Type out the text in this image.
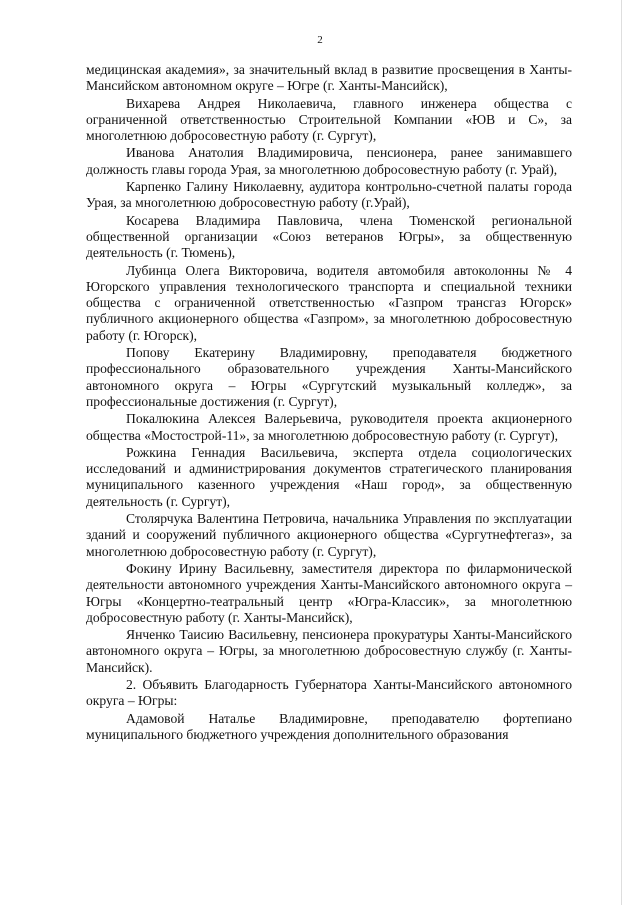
2

медицинская академия», за значительный вклад в развитие просвещения в Ханты-Мансийском автономном округе – Югре (г. Ханты-Мансийск),

Вихарева Андрея Николаевича, главного инженера общества с ограниченной ответственностью Строительной Компании «ЮВ и С», за многолетнюю добросовестную работу (г. Сургут),

Иванова Анатолия Владимировича, пенсионера, ранее занимавшего должность главы города Урая, за многолетнюю добросовестную работу (г. Урай),

Карпенко Галину Николаевну, аудитора контрольно-счетной палаты города Урая, за многолетнюю добросовестную работу (г.Урай),

Косарева Владимира Павловича, члена Тюменской региональной общественной организации «Союз ветеранов Югры», за общественную деятельность (г. Тюмень),

Лубинца Олега Викторовича, водителя автомобиля автоколонны № 4 Югорского управления технологического транспорта и специальной техники общества с ограниченной ответственностью «Газпром трансгаз Югорск» публичного акционерного общества «Газпром», за многолетнюю добросовестную работу (г. Югорск),

Попову Екатерину Владимировну, преподавателя бюджетного профессионального образовательного учреждения Ханты-Мансийского автономного округа – Югры «Сургутский музыкальный колледж», за профессиональные достижения (г. Сургут),

Покалюкина Алексея Валерьевича, руководителя проекта акционерного общества «Мостострой-11», за многолетнюю добросовестную работу (г. Сургут),

Рожкина Геннадия Васильевича, эксперта отдела социологических исследований и администрирования документов стратегического планирования муниципального казенного учреждения «Наш город», за общественную деятельность (г. Сургут),

Столярчука Валентина Петровича, начальника Управления по эксплуатации зданий и сооружений публичного акционерного общества «Сургутнефтегаз», за многолетнюю добросовестную работу (г. Сургут),

Фокину Ирину Васильевну, заместителя директора по филармонической деятельности автономного учреждения Ханты-Мансийского автономного округа – Югры «Концертно-театральный центр «Югра-Классик», за многолетнюю добросовестную работу (г. Ханты-Мансийск),

Янченко Таисию Васильевну, пенсионера прокуратуры Ханты-Мансийского автономного округа – Югры, за многолетнюю добросовестную службу (г. Ханты-Мансийск).

2. Объявить Благодарность Губернатора Ханты-Мансийского автономного округа – Югры:

Адамовой Наталье Владимировне, преподавателю фортепиано муниципального бюджетного учреждения дополнительного образования
